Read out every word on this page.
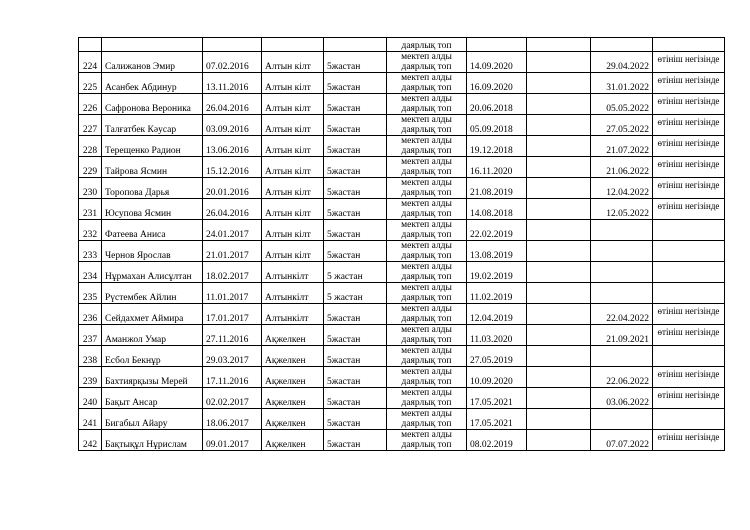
					даярлық топ				

224	Салижанов Эмир	07.02.2016	Алтын кілт	5жастан	мектеп алды
даярлық топ	14.09.2020		29.04.2022	өтініш негізінде
225	Асанбек Абдинур	13.11.2016	Алтын кілт	5жастан	мектеп алды
даярлық топ	16.09.2020		31.01.2022	өтініш негізінде
226	Сафронова Вероника	26.04.2016	Алтын кілт	5жастан	мектеп алды
даярлық топ	20.06.2018		05.05.2022	өтініш негізінде
227	Талғатбек Кәусар	03.09.2016	Алтын кілт	5жастан	мектеп алды
даярлық топ	05.09.2018		27.05.2022	өтініш негізінде
228	Терещенко Радион	13.06.2016	Алтын кілт	5жастан	мектеп алды
даярлық топ	19.12.2018		21.07.2022	өтініш негізінде
229	Тайрова Ясмин	15.12.2016	Алтын кілт	5жастан	мектеп алды
даярлық топ	16.11.2020		21.06.2022	өтініш негізінде
230	Торопова Дарья	20.01.2016	Алтын кілт	5жастан	мектеп алды
даярлық топ	21.08.2019		12.04.2022	өтініш негізінде
231	Юсупова Ясмин	26.04.2016	Алтын кілт	5жастан	мектеп алды
даярлық топ	14.08.2018		12.05.2022	өтініш негізінде
232	Фатеева Аниса	24.01.2017	Алтын кілт	5жастан	мектеп алды
даярлық топ	22.02.2019			
233	Чернов Ярослав	21.01.2017	Алтын кілт	5жастан	мектеп алды
даярлық топ	13.08.2019			
234	Нұрмахан Алисұлтан	18.02.2017	Алтынкілт	5 жастан	мектеп алды
даярлық топ	19.02.2019			
235	Рүстембек Айлин	11.01.2017	Алтынкілт	5 жастан	мектеп алды
даярлық топ	11.02.2019			
236	Сейдахмет Аймира	17.01.2017	Алтынкілт	5жастан	мектеп алды
даярлық топ	12.04.2019		22.04.2022	өтініш негізінде
237	Аманжол Умар	27.11.2016	Ақжелкен	5жастан	мектеп алды
даярлық топ	11.03.2020		21.09.2021	өтініш негізінде
238	Есбол Бекнұр	29.03.2017	Ақжелкен	5жастан	мектеп алды
даярлық топ	27.05.2019			
239	Бахтиярқызы Мерей	17.11.2016	Ақжелкен	5жастан	мектеп алды
даярлық топ	10.09.2020		22.06.2022	өтініш негізінде
240	Бақыт Ансар	02.02.2017	Ақжелкен	5жастан	мектеп алды
даярлық топ	17.05.2021		03.06.2022	өтініш негізінде
241	Бигабыл Айару	18.06.2017	Ақжелкен	5жастан	мектеп алды
даярлық топ	17.05.2021			
242	Бақтықұл Нұрислам	09.01.2017	Ақжелкен	5жастан	мектеп алды
даярлық топ	08.02.2019		07.07.2022	өтініш негізінде
